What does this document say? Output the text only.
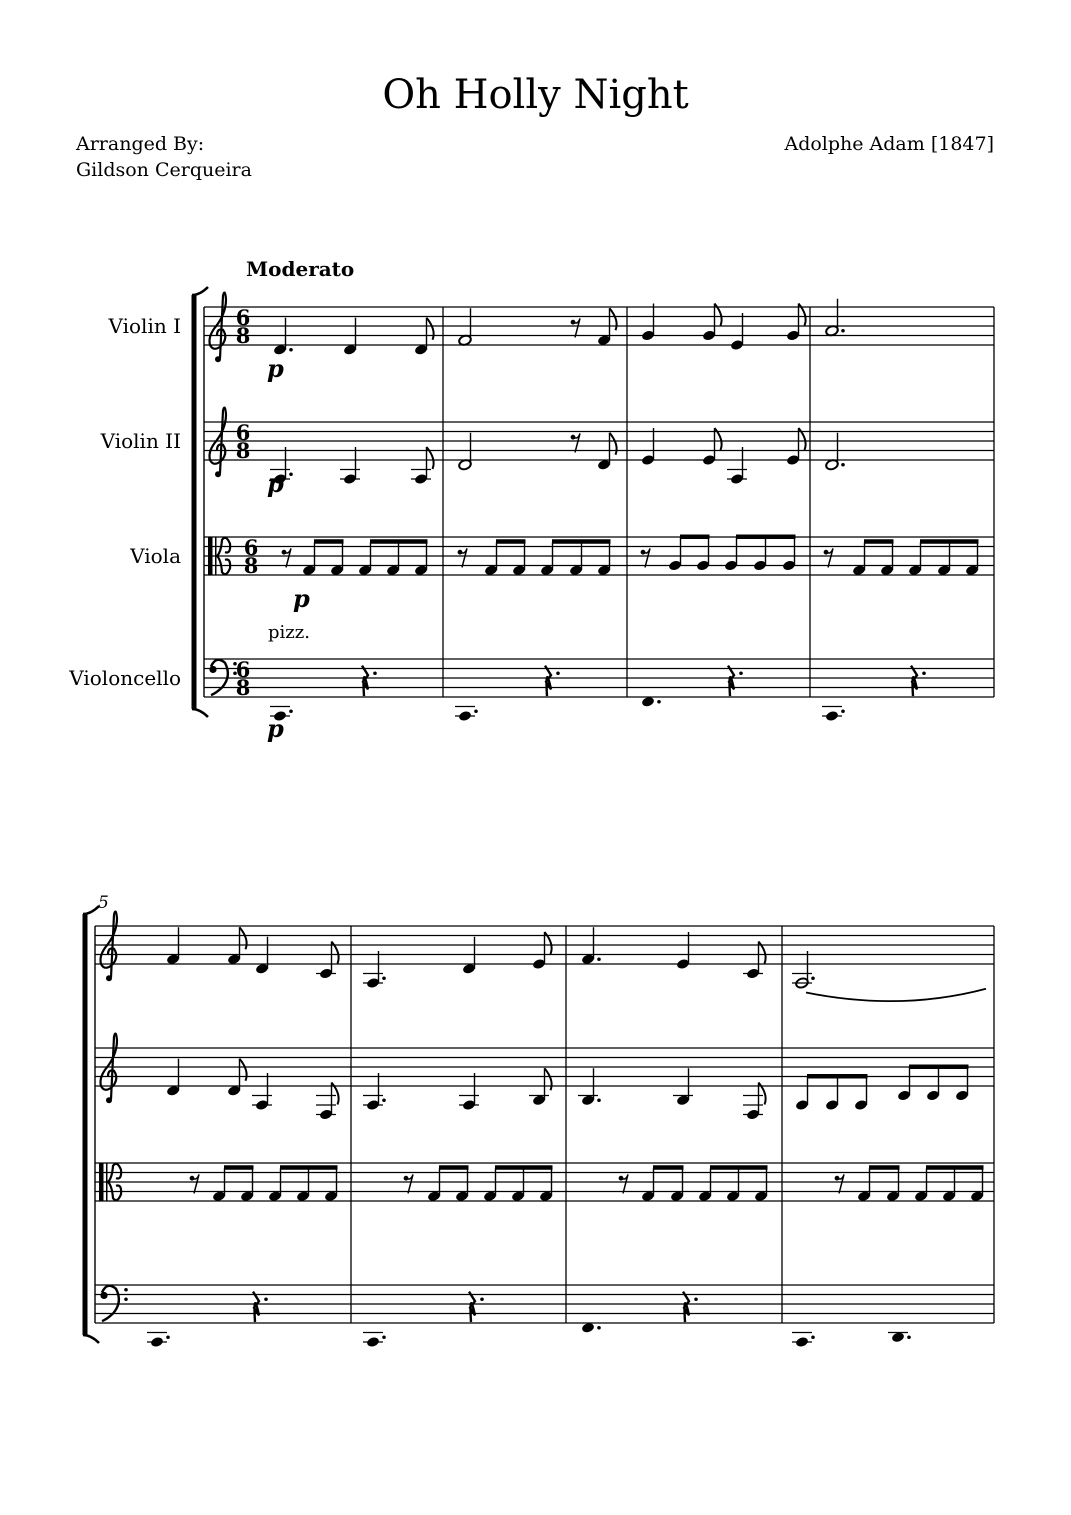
Oh Holly Night
Arranged By:
Gildson Cerqueira
Adolphe Adam [1847]
Moderato
Violin I
Violin II
Viola
Violoncello
pizz.
5
p
p
p
p
6
8
6
8
6
8
6
8
